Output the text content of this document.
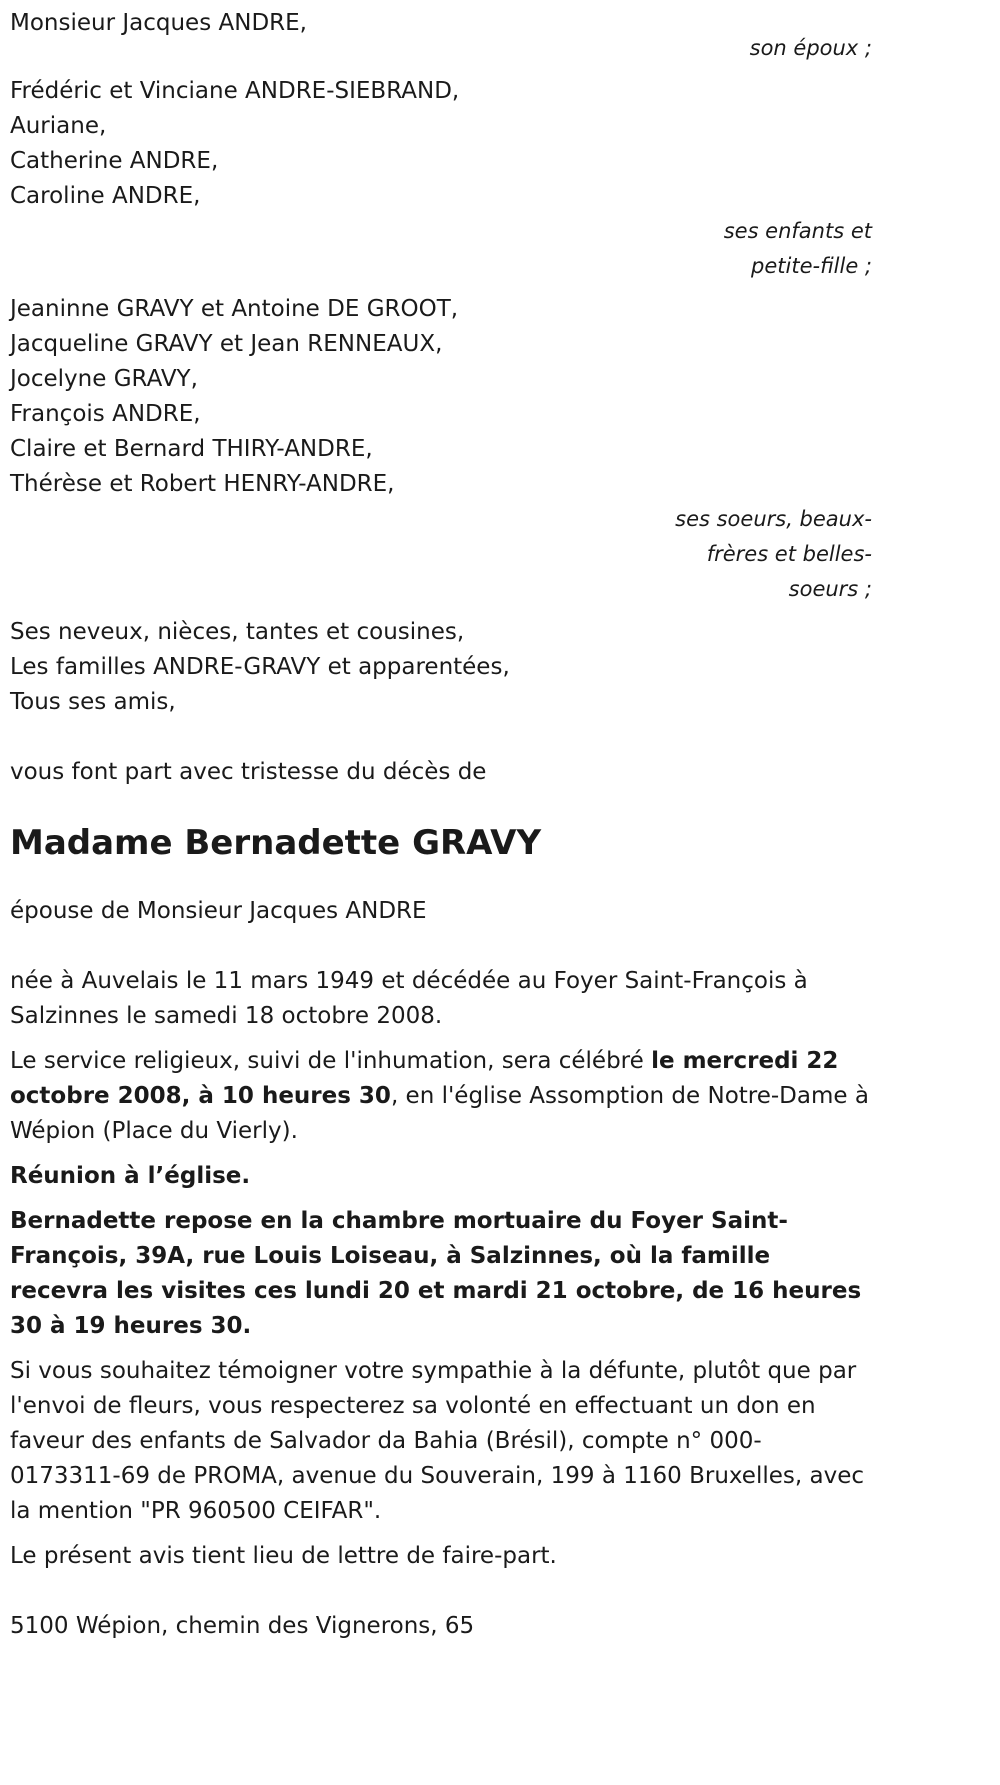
Monsieur Jacques ANDRE,
son époux ;
Frédéric et Vinciane ANDRE-SIEBRAND,
Auriane,
Catherine ANDRE,
Caroline ANDRE,
ses enfants et
petite-fille ;
Jeaninne GRAVY et Antoine DE GROOT,
Jacqueline GRAVY et Jean RENNEAUX,
Jocelyne GRAVY,
François ANDRE,
Claire et Bernard THIRY-ANDRE,
Thérèse et Robert HENRY-ANDRE,
ses soeurs, beaux-
frères et belles-
soeurs ;
Ses neveux, nièces, tantes et cousines,
Les familles ANDRE-GRAVY et apparentées,
Tous ses amis,
vous font part avec tristesse du décès de
Madame Bernadette GRAVY
épouse de Monsieur Jacques ANDRE

née à Auvelais le 11 mars 1949 et décédée au Foyer Saint-François à Salzinnes le samedi 18 octobre 2008.

Le service religieux, suivi de l'inhumation, sera célébré le mercredi 22 octobre 2008, à 10 heures 30, en l'église Assomption de Notre-Dame à Wépion (Place du Vierly).

Réunion à l’église.

Bernadette repose en la chambre mortuaire du Foyer Saint-François, 39A, rue Louis Loiseau, à Salzinnes, où la famille recevra les visites ces lundi 20 et mardi 21 octobre, de 16 heures 30 à 19 heures 30.

Si vous souhaitez témoigner votre sympathie à la défunte, plutôt que par l'envoi de fleurs, vous respecterez sa volonté en effectuant un don en faveur des enfants de Salvador da Bahia (Brésil), compte n° 000-0173311-69 de PROMA, avenue du Souverain, 199 à 1160 Bruxelles, avec la mention "PR 960500 CEIFAR".

Le présent avis tient lieu de lettre de faire-part.

5100 Wépion, chemin des Vignerons, 65
